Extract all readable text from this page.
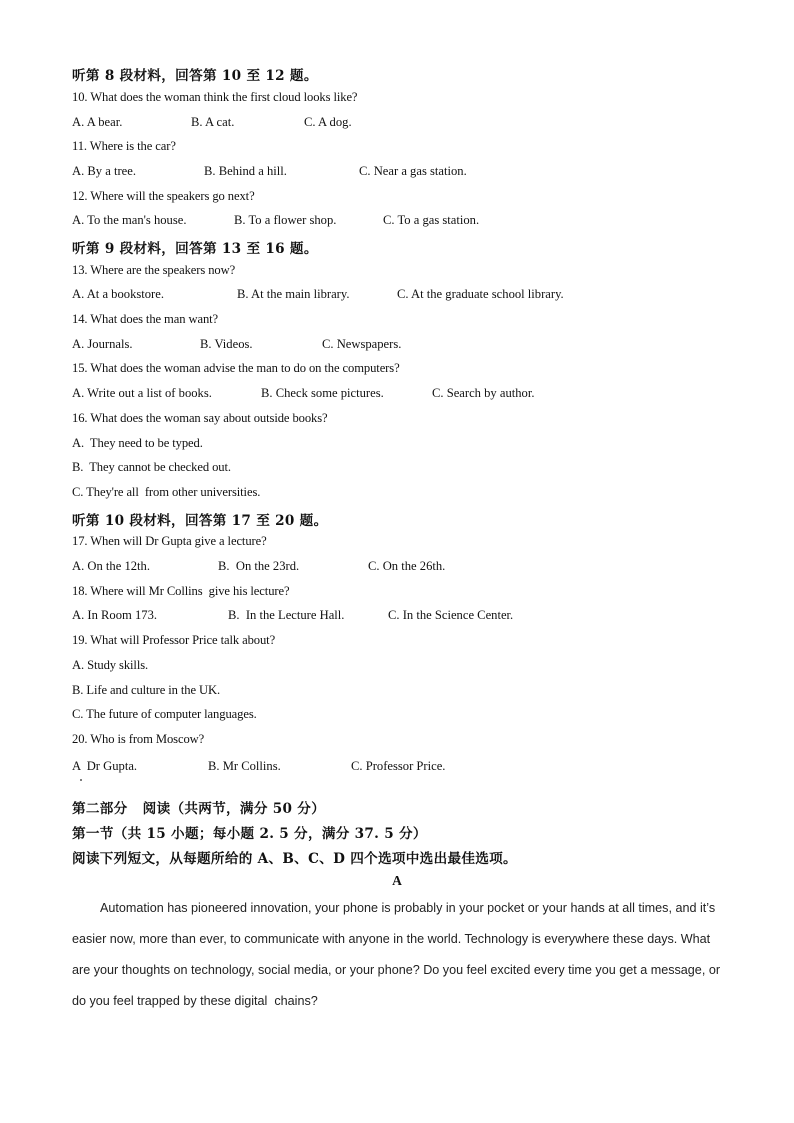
听第 8 段材料，回答第 10 至 12 题。
10. What does the woman think the first cloud looks like?
A. A bear.	B. A cat.	C. A dog.
11. Where is the car?
A. By a tree.	B. Behind a hill.	C. Near a gas station.
12. Where will the speakers go next?
A. To the man's house.	B. To a flower shop.	C. To a gas station.
听第 9 段材料，回答第 13 至 16 题。
13. Where are the speakers now?
A. At a bookstore.	B. At the main library.	C. At the graduate school library.
14. What does the man want?
A. Journals.	B. Videos.	C. Newspapers.
15. What does the woman advise the man to do on the computers?
A. Write out a list of books.	B. Check some pictures.	C. Search by author.
16. What does the woman say about outside books?
A.  They need to be typed.
B.  They cannot be checked out.
C. They're all  from other universities.
听第 10 段材料，回答第 17 至 20 题。
17. When will Dr Gupta give a lecture?
A. On the 12th.	B.  On the 23rd.	C. On the 26th.
18. Where will Mr Collins  give his lecture?
A. In Room 173.	B.  In the Lecture Hall.	C. In the Science Center.
19. What will Professor Price talk about?
A. Study skills.
B. Life and culture in the UK.
C. The future of computer languages.
20. Who is from Moscow?
A  Dr Gupta.	B. Mr Collins.	C. Professor Price.
第二部分   阅读（共两节，满分 50 分）
第一节（共 15 小题；每小题 2. 5 分，满分 37. 5 分）
阅读下列短文，从每题所给的 A、B、C、D 四个选项中选出最佳选项。
A
Automation has pioneered innovation, your phone is probably in your pocket or your hands at all times, and it’s
easier now, more than ever, to communicate with anyone in the world. Technology is everywhere these days. What
are your thoughts on technology, social media, or your phone? Do you feel excited every time you get a message, or
do you feel trapped by these digital  chains?
